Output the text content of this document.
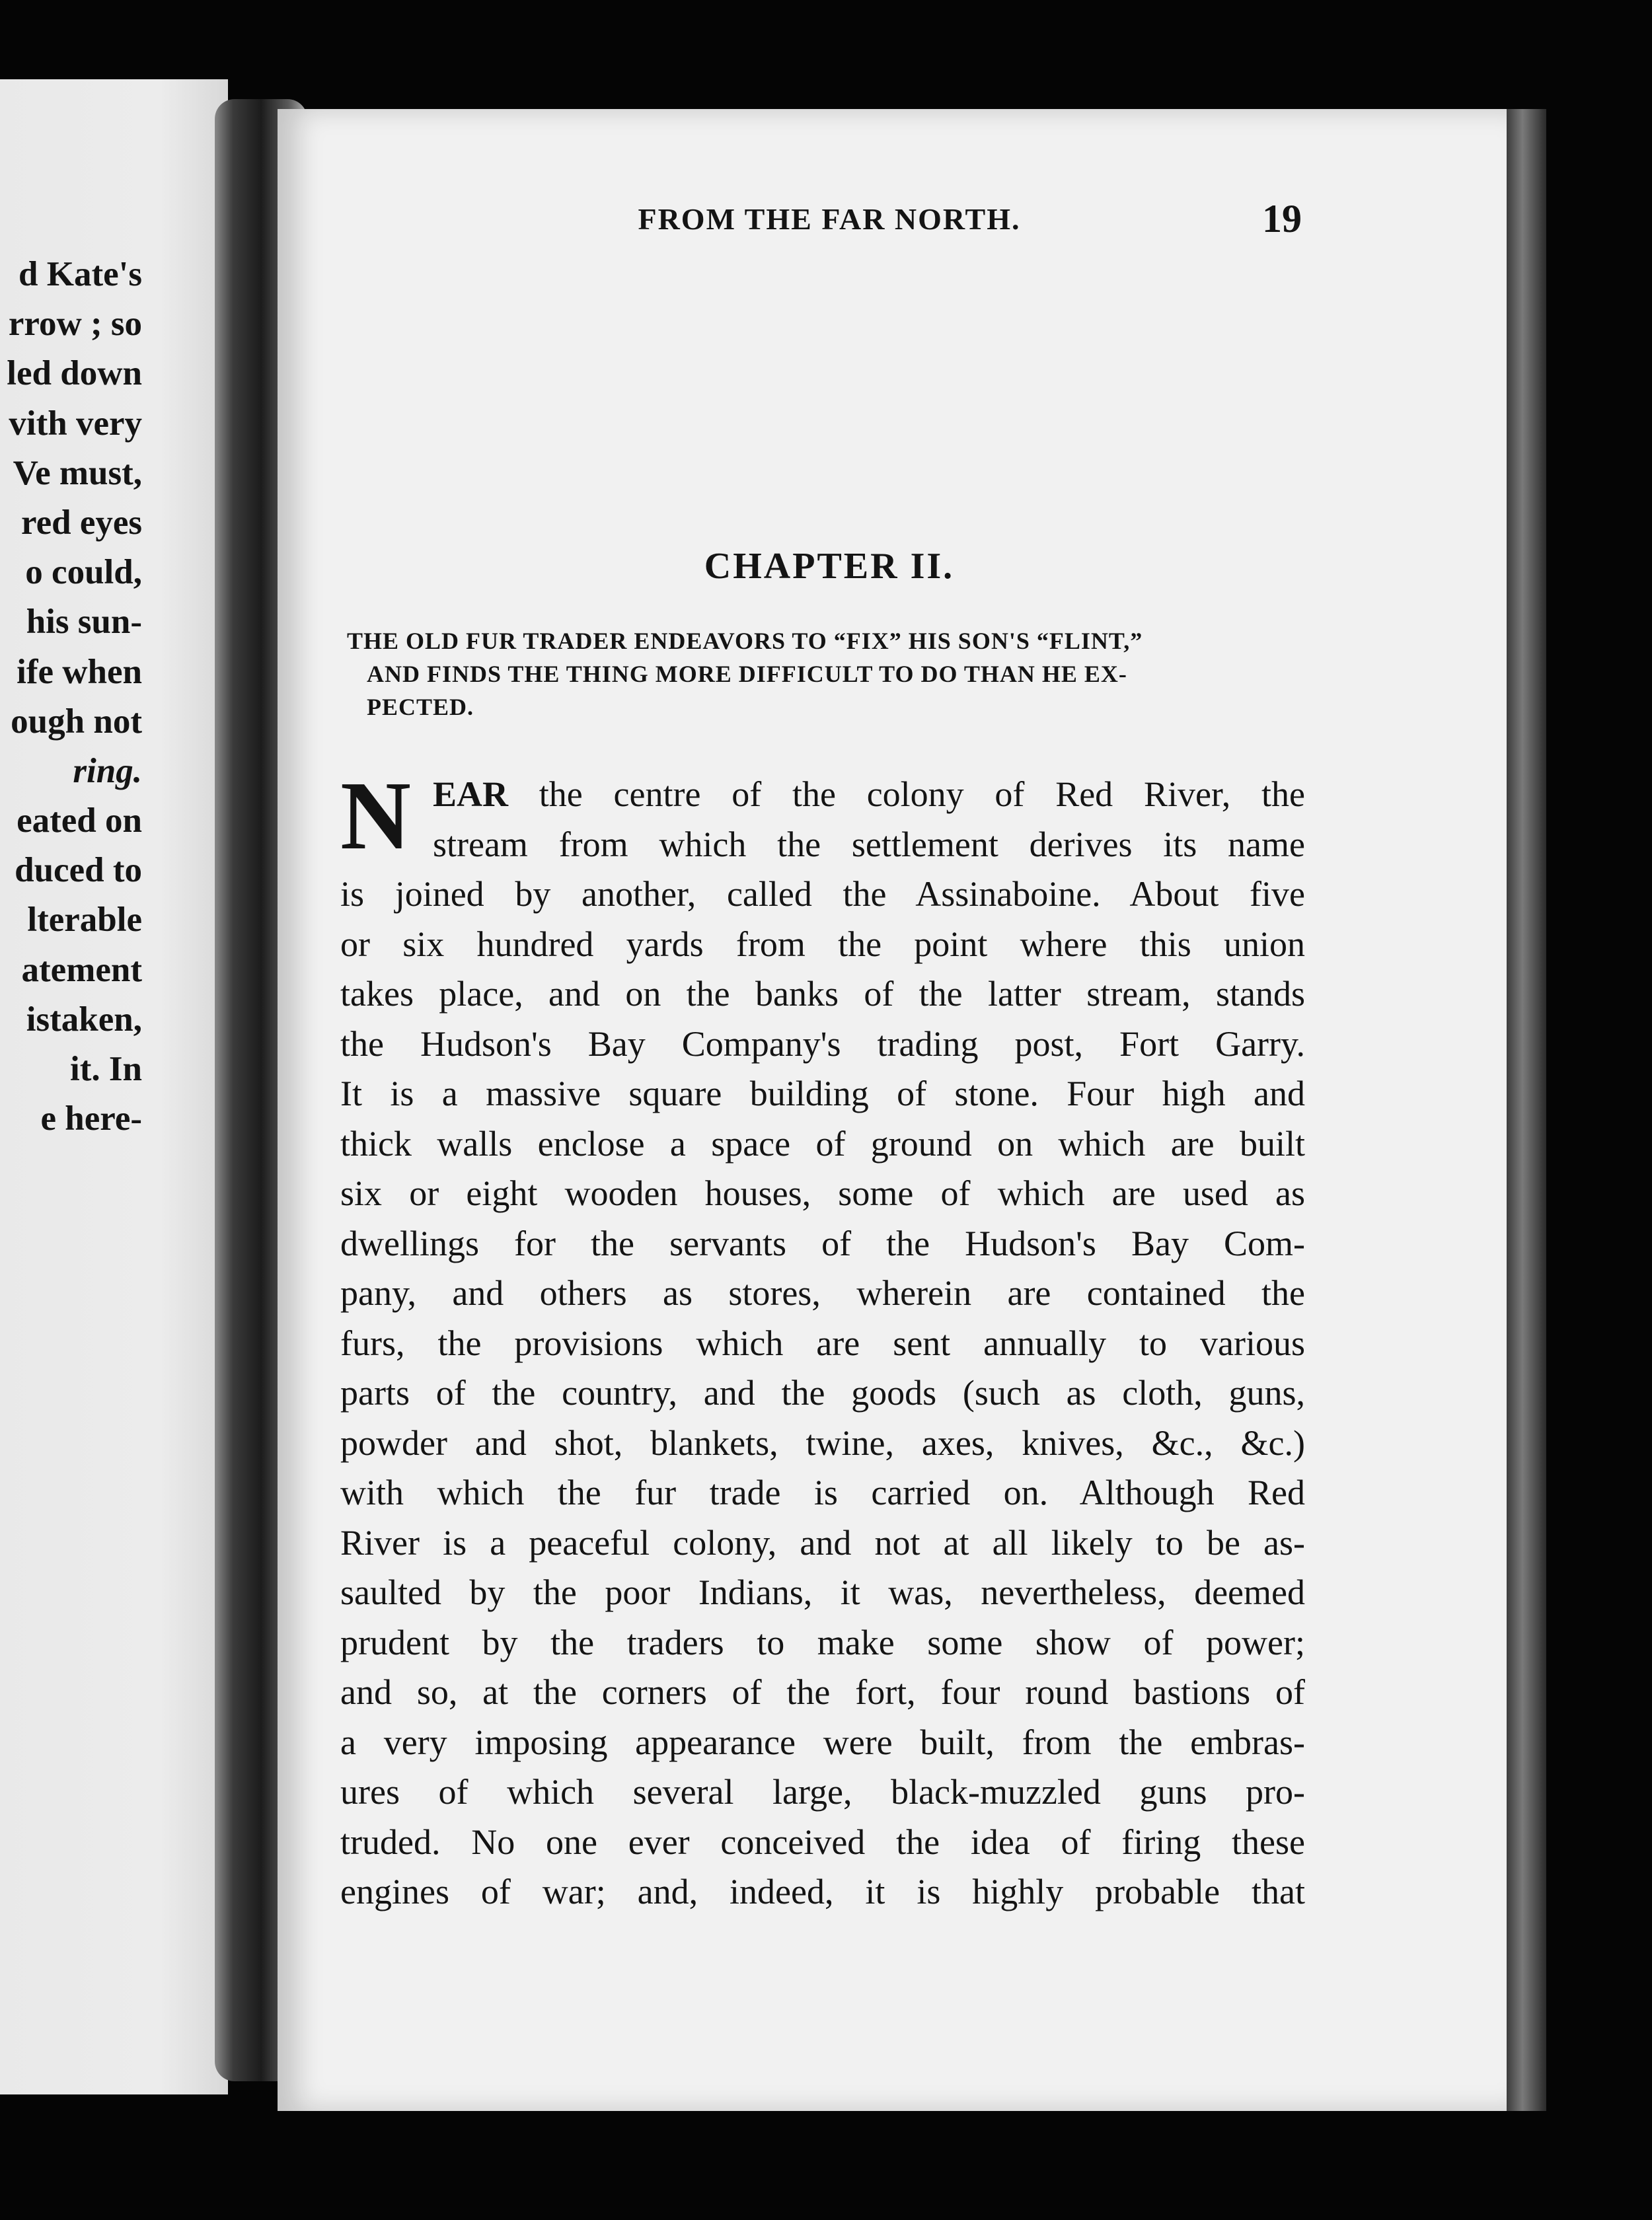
d Kate's
rrow ; so
led down
vith very
Ve must,
red eyes
o could,
his sun-
ife when
ough not
ring.
eated on
duced to
lterable
atement
istaken,
it. In
e here-
FROM THE FAR NORTH.	19
CHAPTER II.
THE OLD FUR TRADER ENDEAVORS TO “FIX” HIS SON'S “FLINT,”
AND FINDS THE THING MORE DIFFICULT TO DO THAN HE EX-
PECTED.
N EAR the centre of the colony of Red River, the
stream from which the settlement derives its name
is joined by another, called the Assinaboine. About five
or six hundred yards from the point where this union
takes place, and on the banks of the latter stream, stands
the Hudson's Bay Company's trading post, Fort Garry.
It is a massive square building of stone. Four high and
thick walls enclose a space of ground on which are built
six or eight wooden houses, some of which are used as
dwellings for the servants of the Hudson's Bay Com-
pany, and others as stores, wherein are contained the
furs, the provisions which are sent annually to various
parts of the country, and the goods (such as cloth, guns,
powder and shot, blankets, twine, axes, knives, &c., &c.)
with which the fur trade is carried on. Although Red
River is a peaceful colony, and not at all likely to be as-
saulted by the poor Indians, it was, nevertheless, deemed
prudent by the traders to make some show of power;
and so, at the corners of the fort, four round bastions of
a very imposing appearance were built, from the embras-
ures of which several large, black-muzzled guns pro-
truded. No one ever conceived the idea of firing these
engines of war; and, indeed, it is highly probable that
